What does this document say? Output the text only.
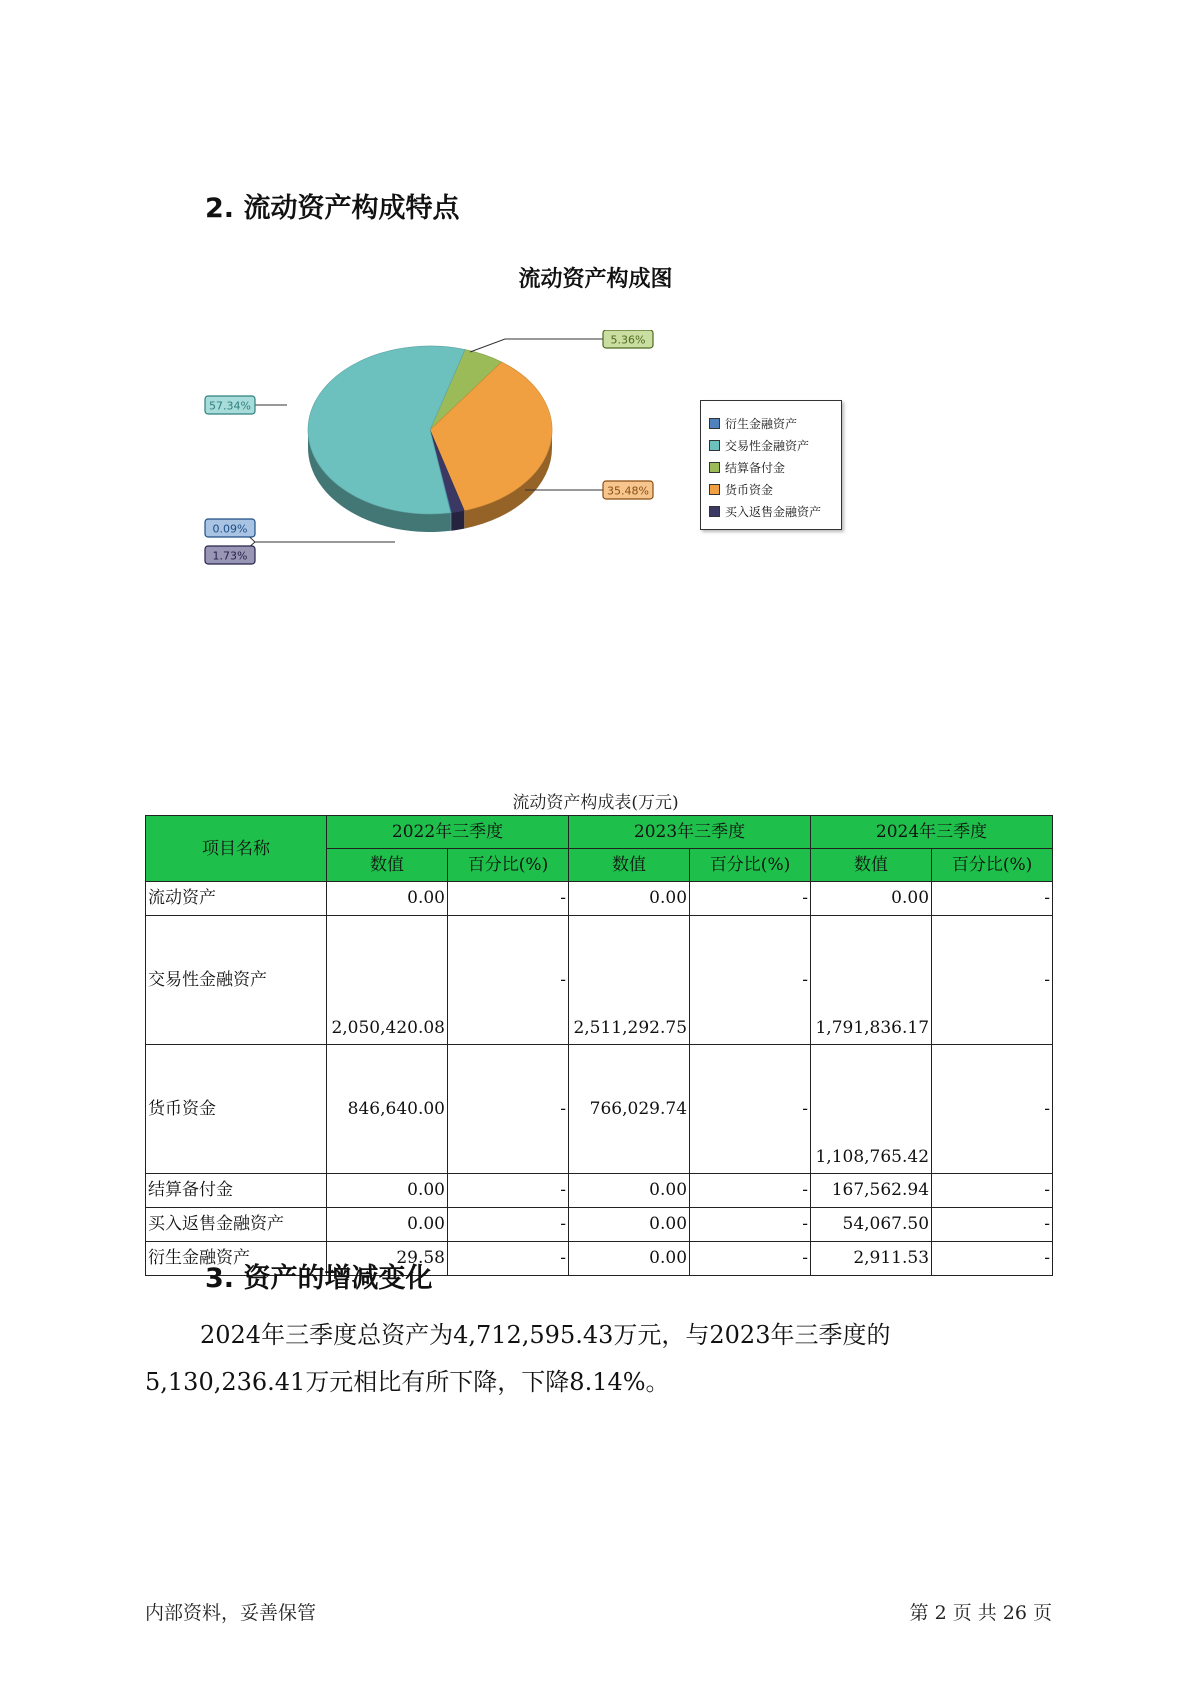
2. 流动资产构成特点
流动资产构成图
57.34%
5.36%
35.48%
0.09%
1.73%
衍生金融资产
交易性金融资产
结算备付金
货币资金
买入返售金融资产
流动资产构成表(万元)
项目名称	2022年三季度		2023年三季度		2024年三季度	
	数值	百分比(%)	数值	百分比(%)	数值	百分比(%)
流动资产	0.00	-	0.00	-	0.00	-
交易性金融资产	2,050,420.08	-	2,511,292.75	-	1,791,836.17	-
货币资金	846,640.00	-	766,029.74	-	1,108,765.42	-
结算备付金	0.00	-	0.00	-	167,562.94	-
买入返售金融资产	0.00	-	0.00	-	54,067.50	-
衍生金融资产	29.58	-	0.00	-	2,911.53	-
3. 资产的增减变化
2024年三季度总资产为4,712,595.43万元，与2023年三季度的
5,130,236.41万元相比有所下降，下降8.14%。
内部资料，妥善保管	第 2 页 共 26 页
